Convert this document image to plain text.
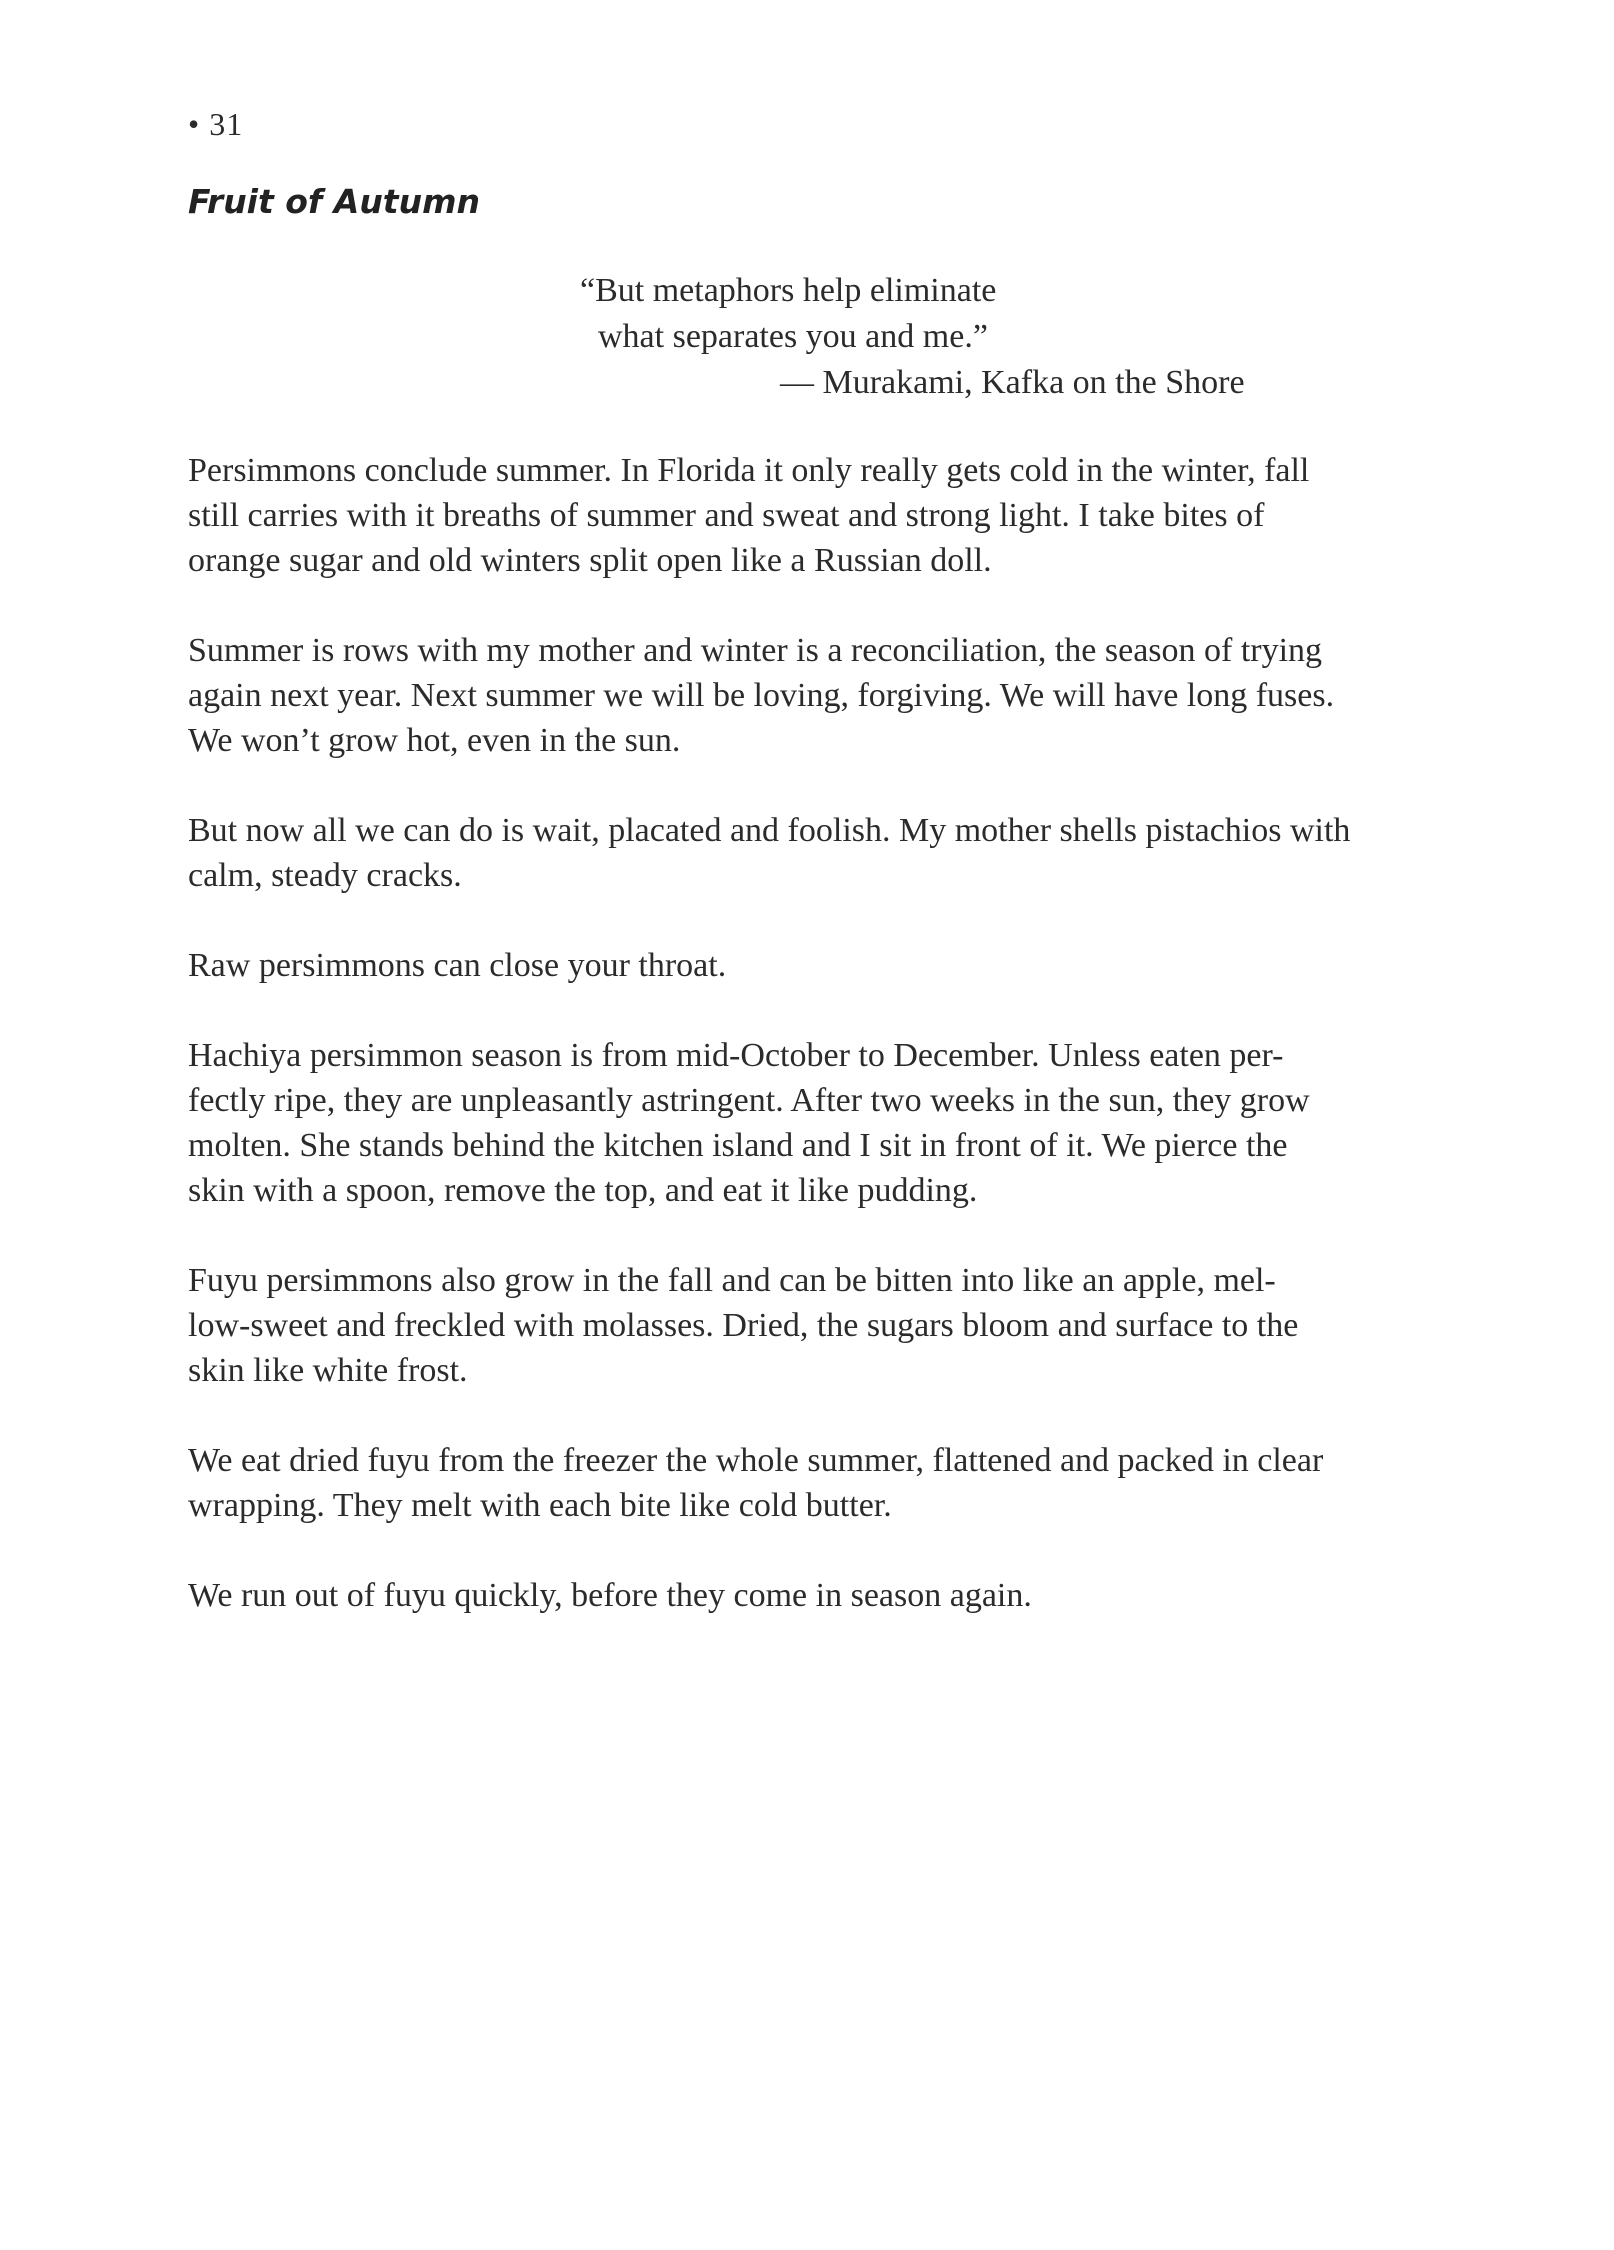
• 31
Fruit of Autumn
“But metaphors help eliminate
what separates you and me.”
— Murakami, Kafka on the Shore

Persimmons conclude summer. In Florida it only really gets cold in the winter, fall
still carries with it breaths of summer and sweat and strong light. I take bites of
orange sugar and old winters split open like a Russian doll.

Summer is rows with my mother and winter is a reconciliation, the season of trying
again next year. Next summer we will be loving, forgiving. We will have long fuses.
We won’t grow hot, even in the sun.

But now all we can do is wait, placated and foolish. My mother shells pistachios with
calm, steady cracks.

Raw persimmons can close your throat.

Hachiya persimmon season is from mid-October to December. Unless eaten per-
fectly ripe, they are unpleasantly astringent. After two weeks in the sun, they grow
molten. She stands behind the kitchen island and I sit in front of it. We pierce the
skin with a spoon, remove the top, and eat it like pudding.

Fuyu persimmons also grow in the fall and can be bitten into like an apple, mel-
low-sweet and freckled with molasses. Dried, the sugars bloom and surface to the
skin like white frost.

We eat dried fuyu from the freezer the whole summer, flattened and packed in clear
wrapping. They melt with each bite like cold butter.

We run out of fuyu quickly, before they come in season again.
